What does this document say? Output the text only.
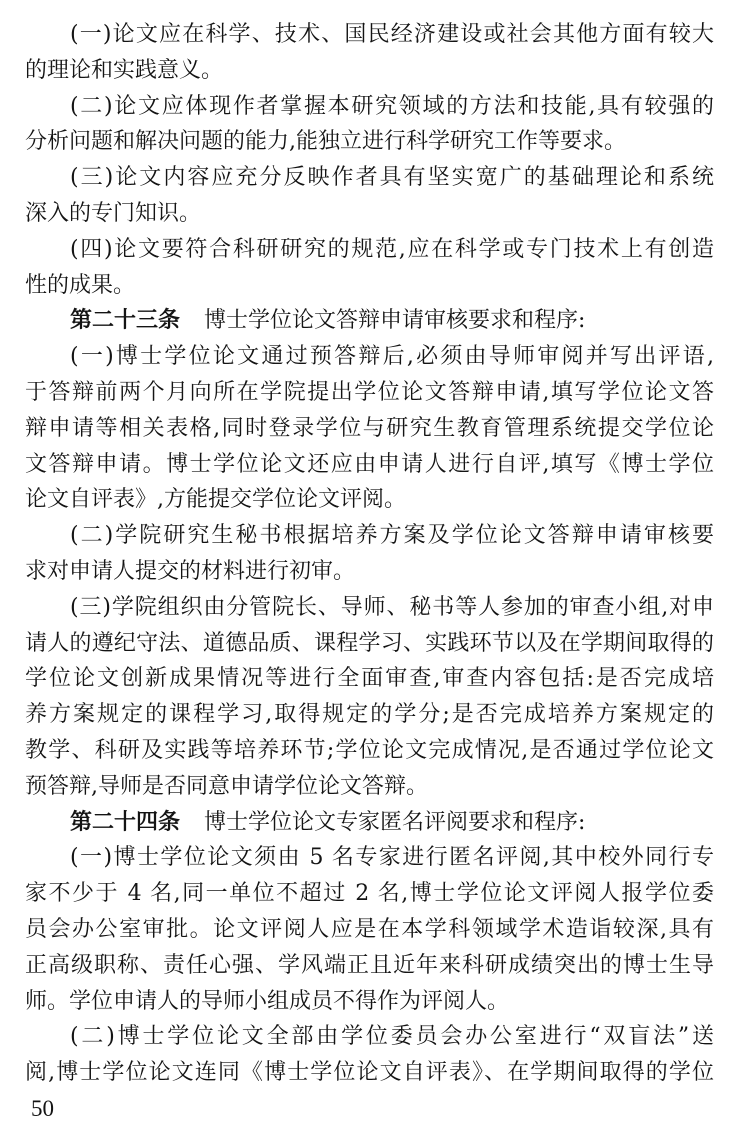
(一)论文应在科学、技术、国民经济建设或社会其他方面有较大
的理论和实践意义。
(二)论文应体现作者掌握本研究领域的方法和技能,具有较强的
分析问题和解决问题的能力,能独立进行科学研究工作等要求。
(三)论文内容应充分反映作者具有坚实宽广的基础理论和系统
深入的专门知识。
(四)论文要符合科研研究的规范,应在科学或专门技术上有创造
性的成果。
第二十三条 博士学位论文答辩申请审核要求和程序:
(一)博士学位论文通过预答辩后,必须由导师审阅并写出评语,
于答辩前两个月向所在学院提出学位论文答辩申请,填写学位论文答
辩申请等相关表格,同时登录学位与研究生教育管理系统提交学位论
文答辩申请。博士学位论文还应由申请人进行自评,填写《博士学位
论文自评表》,方能提交学位论文评阅。
(二)学院研究生秘书根据培养方案及学位论文答辩申请审核要
求对申请人提交的材料进行初审。
(三)学院组织由分管院长、导师、秘书等人参加的审查小组,对申
请人的遵纪守法、道德品质、课程学习、实践环节以及在学期间取得的
学位论文创新成果情况等进行全面审查,审查内容包括:是否完成培
养方案规定的课程学习,取得规定的学分;是否完成培养方案规定的
教学、科研及实践等培养环节;学位论文完成情况,是否通过学位论文
预答辩,导师是否同意申请学位论文答辩。
第二十四条 博士学位论文专家匿名评阅要求和程序:
(一)博士学位论文须由 5 名专家进行匿名评阅,其中校外同行专
家不少于 4 名,同一单位不超过 2 名,博士学位论文评阅人报学位委
员会办公室审批。论文评阅人应是在本学科领域学术造诣较深,具有
正高级职称、责任心强、学风端正且近年来科研成绩突出的博士生导
师。学位申请人的导师小组成员不得作为评阅人。
(二)博士学位论文全部由学位委员会办公室进行“双盲法”送
阅,博士学位论文连同《博士学位论文自评表》、在学期间取得的学位
50
